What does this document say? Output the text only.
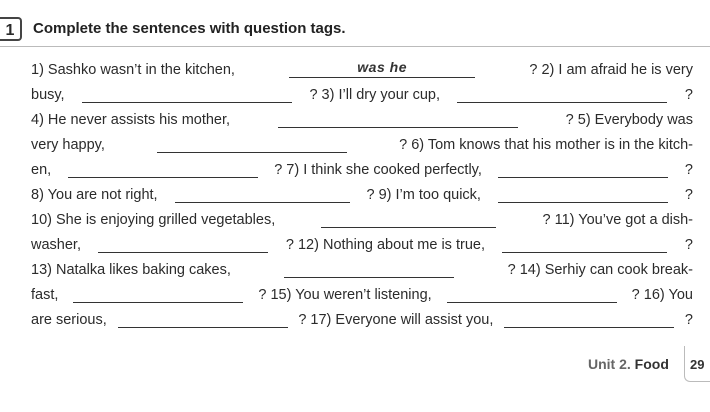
1	Complete the sentences with question tags.
1) Sashko wasn’t in the kitchen,	was he	? 2) I am afraid he is very
busy,	? 3) I’ll dry your cup,	?
4) He never assists his mother,	? 5) Everybody was
very happy,	? 6) Tom knows that his mother is in the kitch-
en,	? 7) I think she cooked perfectly,	?
8) You are not right,	? 9) I’m too quick,	?
10) She is enjoying grilled vegetables,	? 11) You’ve got a dish-
washer,	? 12) Nothing about me is true,	?
13) Natalka likes baking cakes,	? 14) Serhiy can cook break-
fast,	? 15) You weren’t listening,	? 16) You
are serious,	? 17) Everyone will assist you,	?
Unit 2. Food 29
